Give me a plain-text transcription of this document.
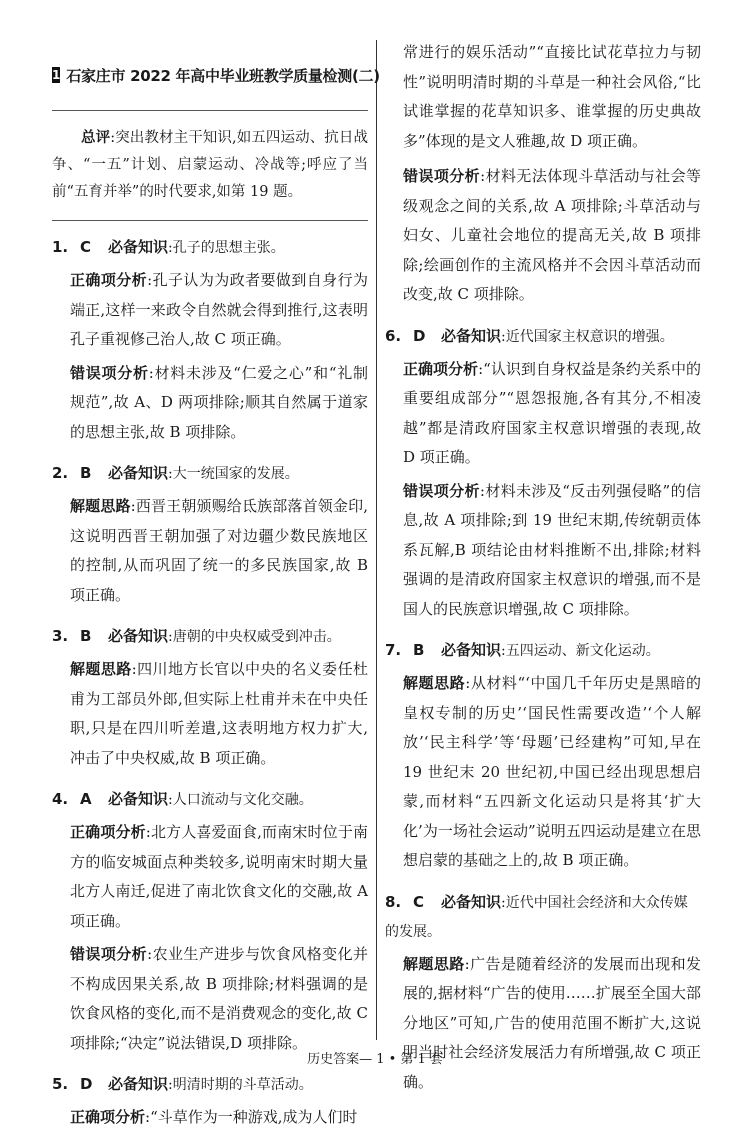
1 石家庄市 2022 年高中毕业班教学质量检测(二)
总评:突出教材主干知识,如五四运动、抗日战争、“一五”计划、启蒙运动、冷战等;呼应了当前“五育并举”的时代要求,如第 19 题。
1. C 必备知识:孔子的思想主张。
正确项分析:孔子认为为政者要做到自身行为端正,这样一来政令自然就会得到推行,这表明孔子重视修己治人,故 C 项正确。
错误项分析:材料未涉及“仁爱之心”和“礼制规范”,故 A、D 两项排除;顺其自然属于道家的思想主张,故 B 项排除。
2. B 必备知识:大一统国家的发展。
解题思路:西晋王朝颁赐给氐族部落首领金印,这说明西晋王朝加强了对边疆少数民族地区的控制,从而巩固了统一的多民族国家,故 B 项正确。
3. B 必备知识:唐朝的中央权威受到冲击。
解题思路:四川地方长官以中央的名义委任杜甫为工部员外郎,但实际上杜甫并未在中央任职,只是在四川听差遣,这表明地方权力扩大,冲击了中央权威,故 B 项正确。
4. A 必备知识:人口流动与文化交融。
正确项分析:北方人喜爱面食,而南宋时位于南方的临安城面点种类较多,说明南宋时期大量北方人南迁,促进了南北饮食文化的交融,故 A 项正确。
错误项分析:农业生产进步与饮食风格变化并不构成因果关系,故 B 项排除;材料强调的是饮食风格的变化,而不是消费观念的变化,故 C 项排除;“决定”说法错误,D 项排除。
5. D 必备知识:明清时期的斗草活动。
正确项分析:“斗草作为一种游戏,成为人们时
常进行的娱乐活动”“直接比试花草拉力与韧性”说明明清时期的斗草是一种社会风俗,“比试谁掌握的花草知识多、谁掌握的历史典故多”体现的是文人雅趣,故 D 项正确。
错误项分析:材料无法体现斗草活动与社会等级观念之间的关系,故 A 项排除;斗草活动与妇女、儿童社会地位的提高无关,故 B 项排除;绘画创作的主流风格并不会因斗草活动而改变,故 C 项排除。
6. D 必备知识:近代国家主权意识的增强。
正确项分析:“认识到自身权益是条约关系中的重要组成部分”“恩怨报施,各有其分,不相凌越”都是清政府国家主权意识增强的表现,故 D 项正确。
错误项分析:材料未涉及“反击列强侵略”的信息,故 A 项排除;到 19 世纪末期,传统朝贡体系瓦解,B 项结论由材料推断不出,排除;材料强调的是清政府国家主权意识的增强,而不是国人的民族意识增强,故 C 项排除。
7. B 必备知识:五四运动、新文化运动。
解题思路:从材料“‘中国几千年历史是黑暗的皇权专制的历史’‘国民性需要改造’‘个人解放’‘民主科学’等‘母题’已经建构”可知,早在 19 世纪末 20 世纪初,中国已经出现思想启蒙,而材料“五四新文化运动只是将其‘扩大化’为一场社会运动”说明五四运动是建立在思想启蒙的基础之上的,故 B 项正确。
8. C 必备知识:近代中国社会经济和大众传媒的发展。
解题思路:广告是随着经济的发展而出现和发展的,据材料“广告的使用……扩展至全国大部分地区”可知,广告的使用范围不断扩大,这说明当时社会经济发展活力有所增强,故 C 项正确。
历史答案— 1 • 第 1 套
